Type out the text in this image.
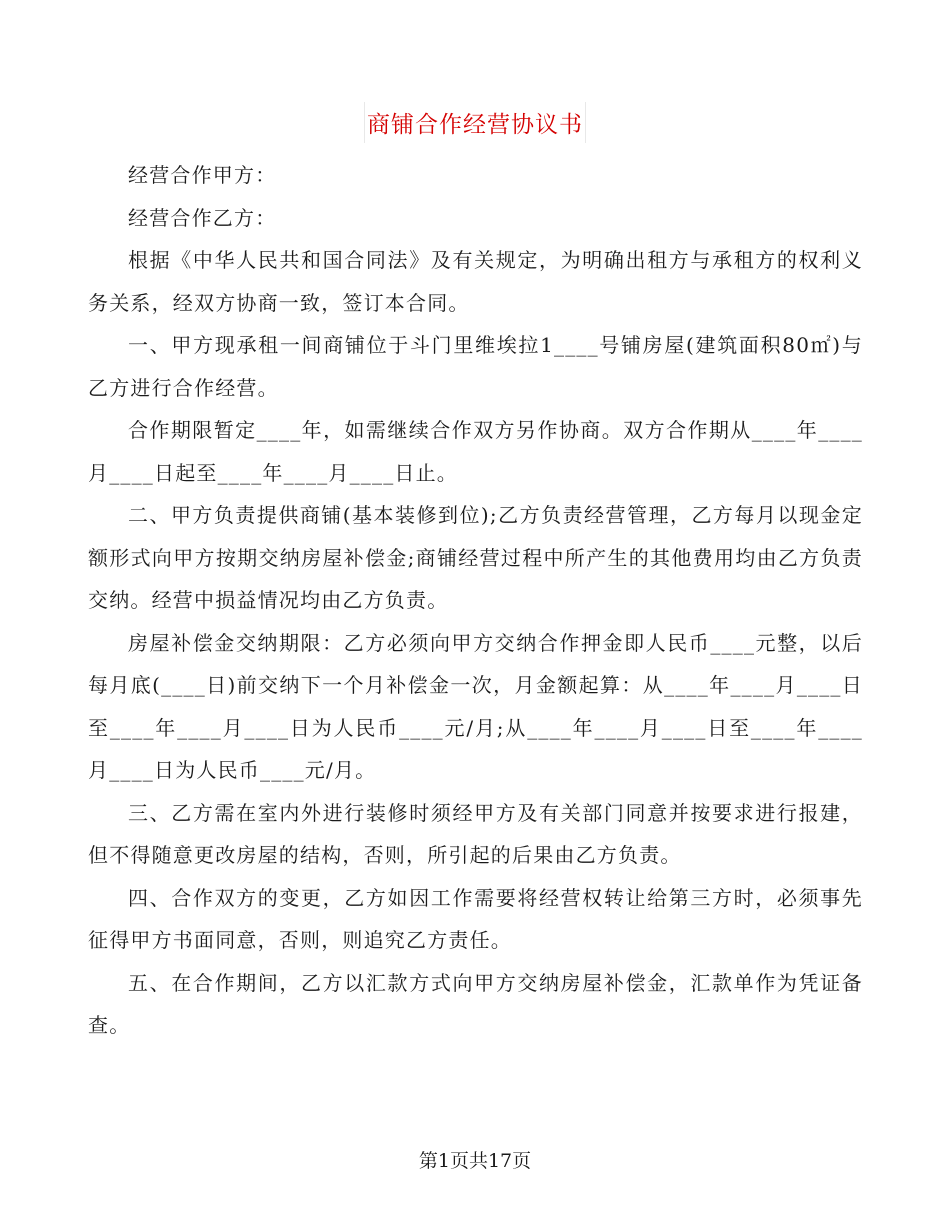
商铺合作经营协议书

经营合作甲方：

经营合作乙方：

根据《中华人民共和国合同法》及有关规定，为明确出租方与承租方的权利义务关系，经双方协商一致，签订本合同。

一、甲方现承租一间商铺位于斗门里维埃拉1____号铺房屋(建筑面积80㎡)与乙方进行合作经营。

合作期限暂定____年，如需继续合作双方另作协商。双方合作期从____年____月____日起至____年____月____日止。

二、甲方负责提供商铺(基本装修到位);乙方负责经营管理，乙方每月以现金定额形式向甲方按期交纳房屋补偿金;商铺经营过程中所产生的其他费用均由乙方负责交纳。经营中损益情况均由乙方负责。

房屋补偿金交纳期限：乙方必须向甲方交纳合作押金即人民币____元整，以后每月底(____日)前交纳下一个月补偿金一次，月金额起算：从____年____月____日至____年____月____日为人民币____元/月;从____年____月____日至____年____月____日为人民币____元/月。

三、乙方需在室内外进行装修时须经甲方及有关部门同意并按要求进行报建，但不得随意更改房屋的结构，否则，所引起的后果由乙方负责。

四、合作双方的变更，乙方如因工作需要将经营权转让给第三方时，必须事先征得甲方书面同意，否则，则追究乙方责任。

五、在合作期间，乙方以汇款方式向甲方交纳房屋补偿金，汇款单作为凭证备查。

第1页共17页
